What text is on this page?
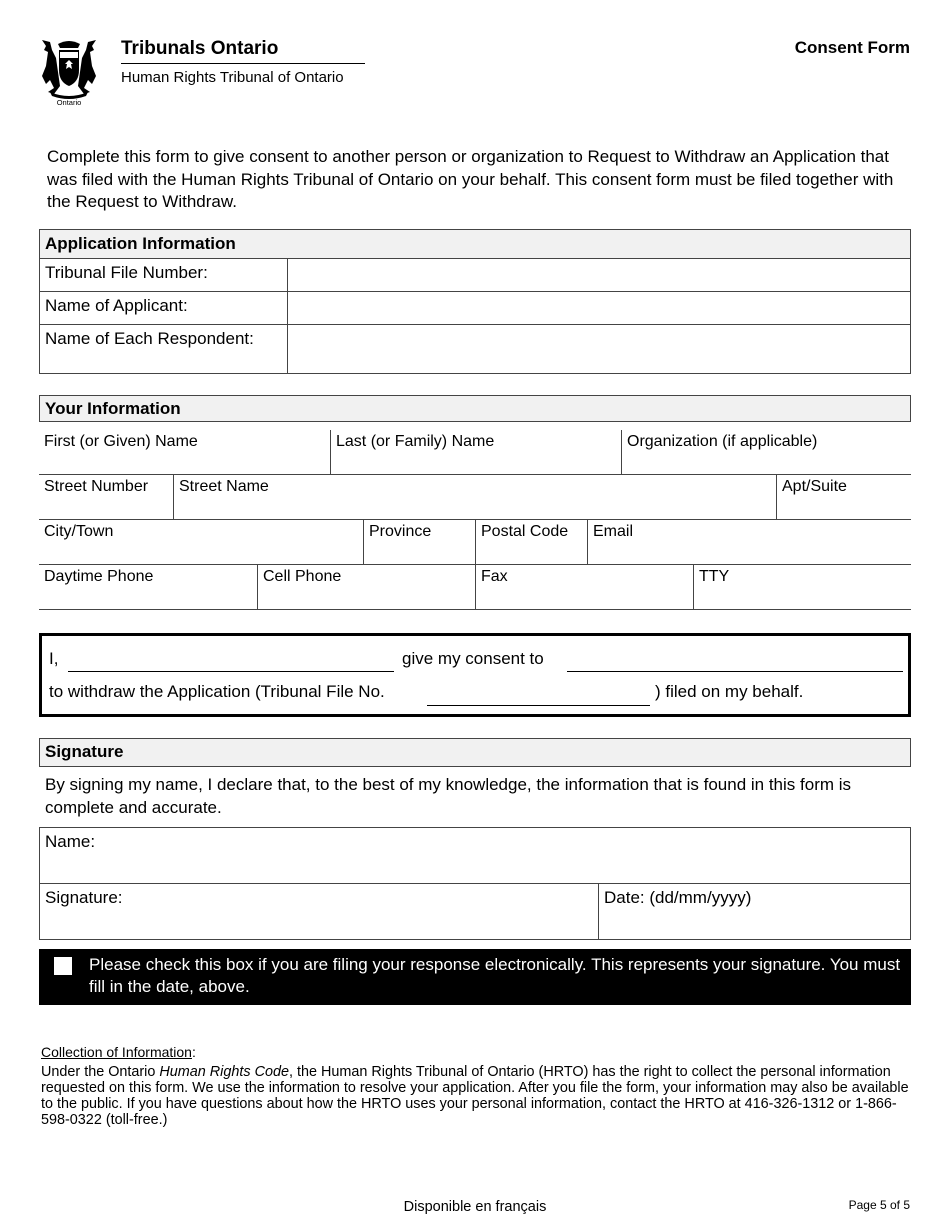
Ontario
Tribunals Ontario
Human Rights Tribunal of Ontario
Consent Form
Complete this form to give consent to another person or organization to Request to Withdraw an Application that was filed with the Human Rights Tribunal of Ontario on your behalf. This consent form must be filed together with the Request to Withdraw.
Application Information	
Tribunal File Number:	
Name of Applicant:	
Name of Each Respondent:	
Your Information
First (or Given) Name	Last (or Family) Name	Organization (if applicable)
Street Number	Street Name	Apt/Suite
City/Town	Province	Postal Code	Email
Daytime Phone	Cell Phone	Fax	TTY
I,	give my consent to
to withdraw the Application (Tribunal File No.	) filed on my behalf.
Signature
By signing my name, I declare that, to the best of my knowledge, the information that is found in this form is complete and accurate.
Name:
Signature:	Date: (dd/mm/yyyy)
Please check this box if you are filing your response electronically. This represents your signature. You must fill in the date, above.
Collection of Information:
Under the Ontario Human Rights Code, the Human Rights Tribunal of Ontario (HRTO) has the right to collect the personal information requested on this form. We use the information to resolve your application. After you file the form, your information may also be available to the public. If you have questions about how the HRTO uses your personal information, contact the HRTO at 416-326-1312 or 1-866-598-0322 (toll-free.)
Disponible en français	Page 5 of 5
